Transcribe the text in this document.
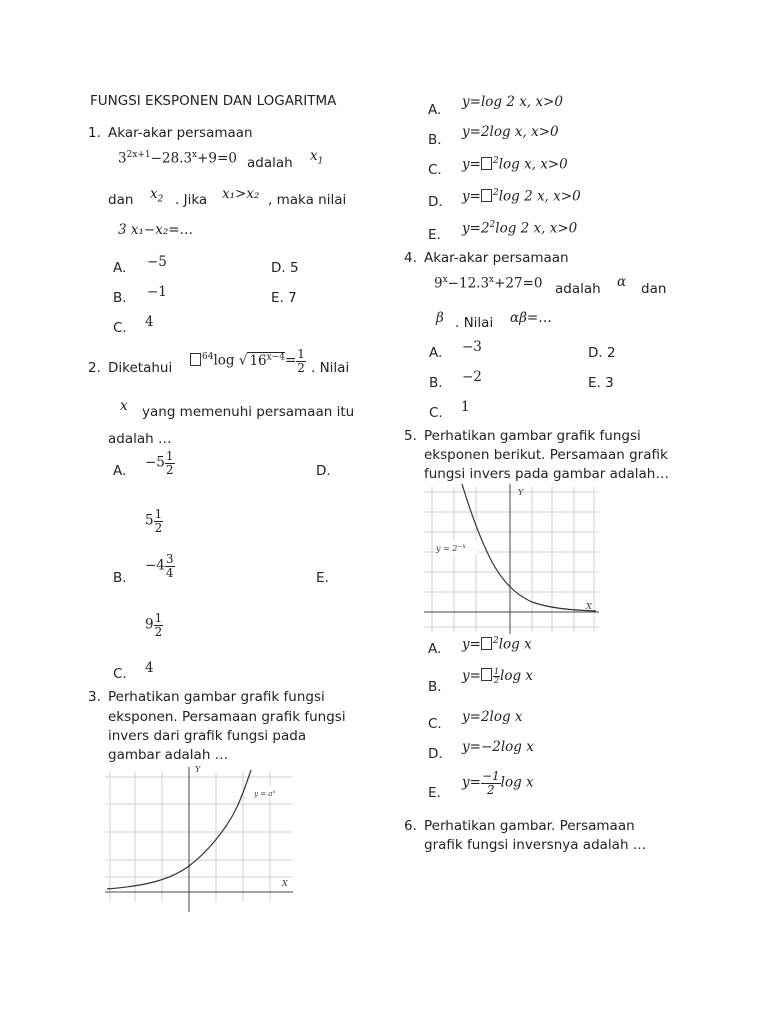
FUNGSI EKSPONEN DAN LOGARITMA
1. Akar-akar persamaan
$3^{2x+1}-28.3^x+9=0$ adalah $x_1$
dan $x_2$ . Jika x₁>x₂ , maka nilai
3 x₁−x₂=…
A. −5
B. −1
C. 4
D. 5
E. 7
2. Diketahui
$^{64}$log √ $16^{x-4}= \frac{1}{2}$ . Nilai
x yang memenuhi persamaan itu
adalah …
A.
$-5 \frac{1}{2}$	D.
$5 \frac{1}{2}$
B.
$-4 \frac{3}{4}$	E.
$9 \frac{1}{2}$
C. 4
3. Perhatikan gambar grafik fungsi
eksponen. Persamaan grafik fungsi
invers dari grafik fungsi pada
gambar adalah …
$y = a^x$
X
Y
A. y=log 2 x, x>0
B. y=2log x, x>0
C. y= $^2$log x, x>0
D. y= $^2$log 2 x, x>0
E. $y=2^2\log$ 2 x, x>0
4. Akar-akar persamaan
$9^x-12.3^x+27=0$ adalah α dan
β . Nilai αβ=…
A. −3
B. −2
C. 1
D. 2
E. 3
5. Perhatikan gambar grafik fungsi
eksponen berikut. Persamaan grafik
fungsi invers pada gambar adalah…
$y = 2^{-x}$
X
Y
A. y= $^2$log x
B.
$y= \frac{1}{2}$ log x
C. y=2log x
D. y=−2log x
E.
$y= \frac{-1}{2}$ log x
6. Perhatikan gambar. Persamaan
grafik fungsi inversnya adalah …
